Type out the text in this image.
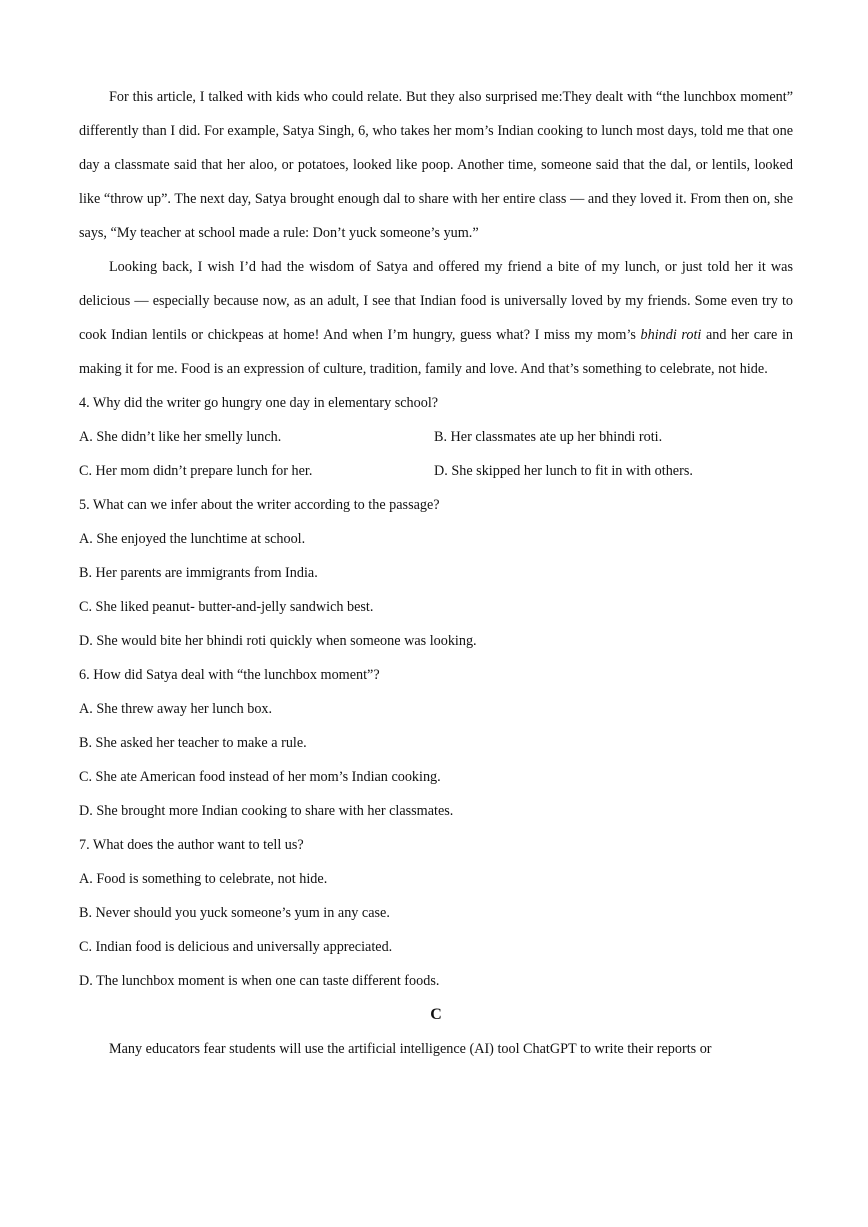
For this article, I talked with kids who could relate. But they also surprised me:They dealt with “the lunchbox moment” differently than I did. For example, Satya Singh, 6, who takes her mom’s Indian cooking to lunch most days, told me that one day a classmate said that her aloo, or potatoes, looked like poop. Another time, someone said that the dal, or lentils, looked like “throw up”. The next day, Satya brought enough dal to share with her entire class — and they loved it. From then on, she says, “My teacher at school made a rule: Don’t yuck someone’s yum.”

Looking back, I wish I’d had the wisdom of Satya and offered my friend a bite of my lunch, or just told her it was delicious — especially because now, as an adult, I see that Indian food is universally loved by my friends. Some even try to cook Indian lentils or chickpeas at home! And when I’m hungry, guess what? I miss my mom’s bhindi roti and her care in making it for me. Food is an expression of culture, tradition, family and love. And that’s something to celebrate, not hide.

4. Why did the writer go hungry one day in elementary school?
A. She didn’t like her smelly lunch.	B. Her classmates ate up her bhindi roti.
C. Her mom didn’t prepare lunch for her.	D. She skipped her lunch to fit in with others.
5. What can we infer about the writer according to the passage?
A. She enjoyed the lunchtime at school.
B. Her parents are immigrants from India.
C. She liked peanut- butter-and-jelly sandwich best.
D. She would bite her bhindi roti quickly when someone was looking.
6. How did Satya deal with “the lunchbox moment”?
A. She threw away her lunch box.
B. She asked her teacher to make a rule.
C. She ate American food instead of her mom’s Indian cooking.
D. She brought more Indian cooking to share with her classmates.
7. What does the author want to tell us?
A. Food is something to celebrate, not hide.
B. Never should you yuck someone’s yum in any case.
C. Indian food is delicious and universally appreciated.
D. The lunchbox moment is when one can taste different foods.
C

Many educators fear students will use the artificial intelligence (AI) tool ChatGPT to write their reports or
